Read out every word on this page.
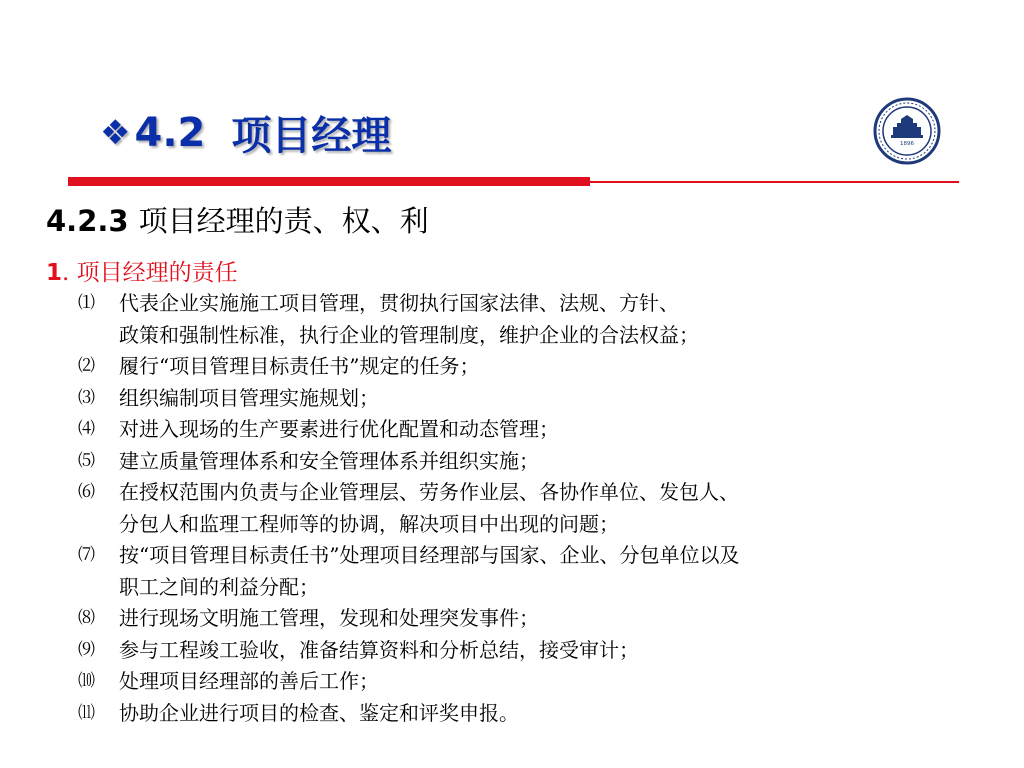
❖ 4.2 项目经理	1896
4.2.3 项目经理的责、权、利
1. 项目经理的责任
⑴	代表企业实施施工项目管理，贯彻执行国家法律、法规、方针、
政策和强制性标准，执行企业的管理制度，维护企业的合法权益；
⑵	履行“项目管理目标责任书”规定的任务；
⑶	组织编制项目管理实施规划；
⑷	对进入现场的生产要素进行优化配置和动态管理；
⑸	建立质量管理体系和安全管理体系并组织实施；
⑹	在授权范围内负责与企业管理层、劳务作业层、各协作单位、发包人、
分包人和监理工程师等的协调，解决项目中出现的问题；
⑺	按“项目管理目标责任书”处理项目经理部与国家、企业、分包单位以及
职工之间的利益分配；
⑻	进行现场文明施工管理，发现和处理突发事件；
⑼	参与工程竣工验收，准备结算资料和分析总结，接受审计；
⑽	处理项目经理部的善后工作；
⑾	协助企业进行项目的检查、鉴定和评奖申报。
